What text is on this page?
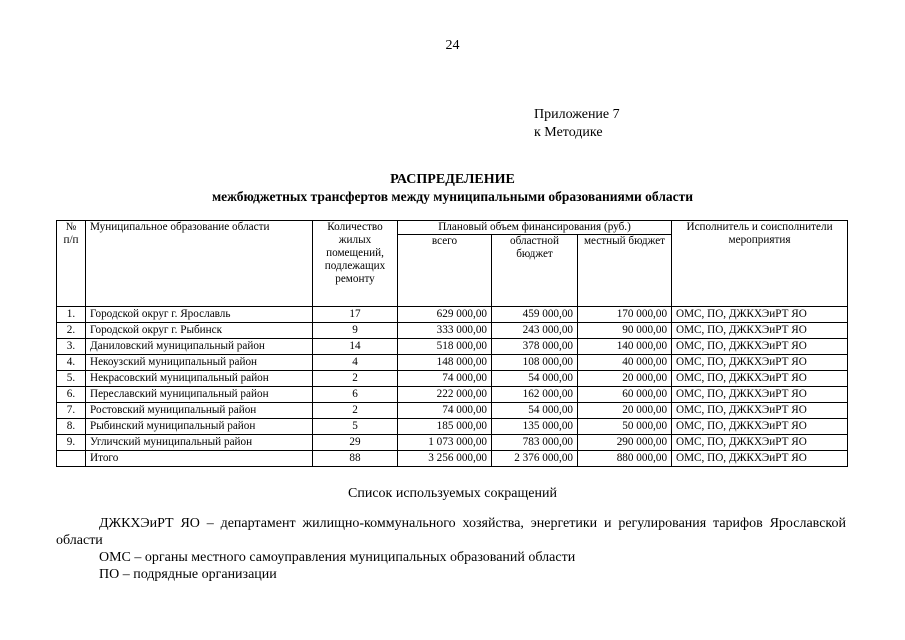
24
Приложение 7
к Методике
РАСПРЕДЕЛЕНИЕ
межбюджетных трансфертов между муниципальными образованиями области
№ п/п	Муниципальное образование области	Количество жилых помещений, подлежащих ремонту	Плановый объем финансирования (руб.)			Исполнитель и соисполнители мероприятия
			всего	областной бюджет	местный бюджет	
1.	Городской округ г. Ярославль	17	629 000,00	459 000,00	170 000,00	ОМС, ПО, ДЖКХЭиРТ ЯО
2.	Городской округ г. Рыбинск	9	333 000,00	243 000,00	90 000,00	ОМС, ПО, ДЖКХЭиРТ ЯО
3.	Даниловский муниципальный район	14	518 000,00	378 000,00	140 000,00	ОМС, ПО, ДЖКХЭиРТ ЯО
4.	Некоузский муниципальный район	4	148 000,00	108 000,00	40 000,00	ОМС, ПО, ДЖКХЭиРТ ЯО
5.	Некрасовский муниципальный район	2	74 000,00	54 000,00	20 000,00	ОМС, ПО, ДЖКХЭиРТ ЯО
6.	Переславский муниципальный район	6	222 000,00	162 000,00	60 000,00	ОМС, ПО, ДЖКХЭиРТ ЯО
7.	Ростовский муниципальный район	2	74 000,00	54 000,00	20 000,00	ОМС, ПО, ДЖКХЭиРТ ЯО
8.	Рыбинский муниципальный район	5	185 000,00	135 000,00	50 000,00	ОМС, ПО, ДЖКХЭиРТ ЯО
9.	Угличский муниципальный район	29	1 073 000,00	783 000,00	290 000,00	ОМС, ПО, ДЖКХЭиРТ ЯО
	Итого	88	3 256 000,00	2 376 000,00	880 000,00	ОМС, ПО, ДЖКХЭиРТ ЯО
Список используемых сокращений
ДЖКХЭиРТ ЯО – департамент жилищно-коммунального хозяйства, энергетики и регулирования тарифов Ярославской области
ОМС – органы местного самоуправления муниципальных образований области
ПО – подрядные организации
